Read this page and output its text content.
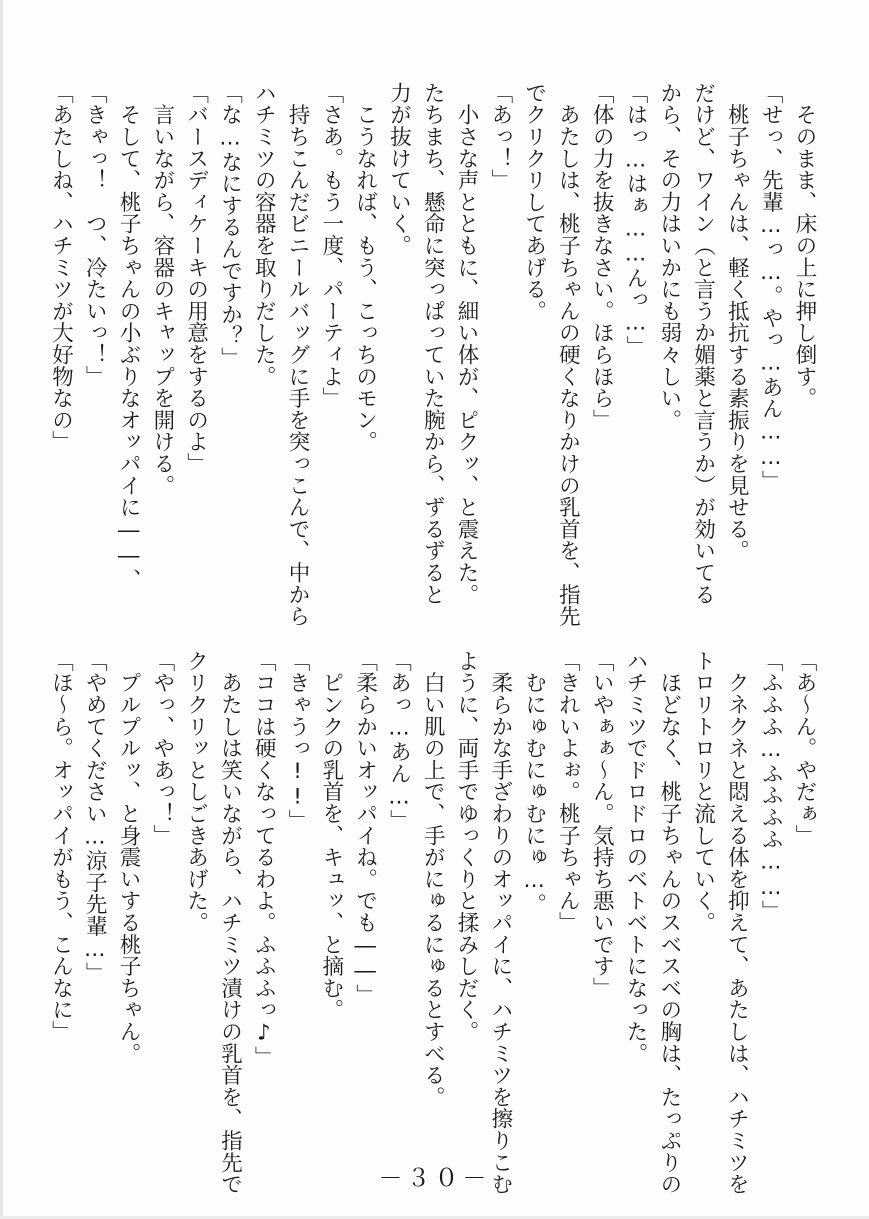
　そのまま、床の上に押し倒す。
「せっ、先輩…っ…。やっ…あん……」
　桃子ちゃんは、軽く抵抗する素振りを見せる。
だけど、ワイン（と言うか媚薬と言うか）が効いてる
から、その力はいかにも弱々しい。
「はっ…はぁ……んっ…」
「体の力を抜きなさい。ほらほら」
　あたしは、桃子ちゃんの硬くなりかけの乳首を、指先
でクリクリしてあげる。
「あっ！」
　小さな声とともに、細い体が、ピクッ、と震えた。
たちまち、懸命に突っぱっていた腕から、ずるずると
力が抜けていく。
　こうなれば、もう、こっちのモン。
「さあ。もう一度、パーティよ」
　持ちこんだビニールバッグに手を突っこんで、中から
ハチミツの容器を取りだした。
「な…なにするんですか？」
「バースディケーキの用意をするのよ」
　言いながら、容器のキャップを開ける。
　そして、桃子ちゃんの小ぶりなオッパイに――、
「きゃっ！　つ、冷たいっ！」
「あたしね、ハチミツが大好物なの」
「あ～ん。やだぁ」
「ふふふ…ふふふふ……」
　クネクネと悶える体を抑えて、あたしは、ハチミツを
トロリトロリと流していく。
　ほどなく、桃子ちゃんのスベスベの胸は、たっぷりの
ハチミツでドロドロのベトベトになった。
「いやぁぁ～ん。気持ち悪いです」
「きれいよぉ。桃子ちゃん」
　むにゅむにゅむにゅ…。
　柔らかな手ざわりのオッパイに、ハチミツを擦りこむ
ように、両手でゆっくりと揉みしだく。
　白い肌の上で、手がにゅるにゅるとすべる。
「あっ…あん…」
「柔らかいオッパイね。でも――」
　ピンクの乳首を、キュッ、と摘む。
「きゃうっ!!」
「ココは硬くなってるわよ。ふふふっ♪」
　あたしは笑いながら、ハチミツ漬けの乳首を、指先で
クリクリッとしごきあげた。
「やっ、やあっ！」
　プルプルッ、と身震いする桃子ちゃん。
「やめてください…涼子先輩…」
「ほ～ら。オッパイがもう、こんなに」
－３０－
